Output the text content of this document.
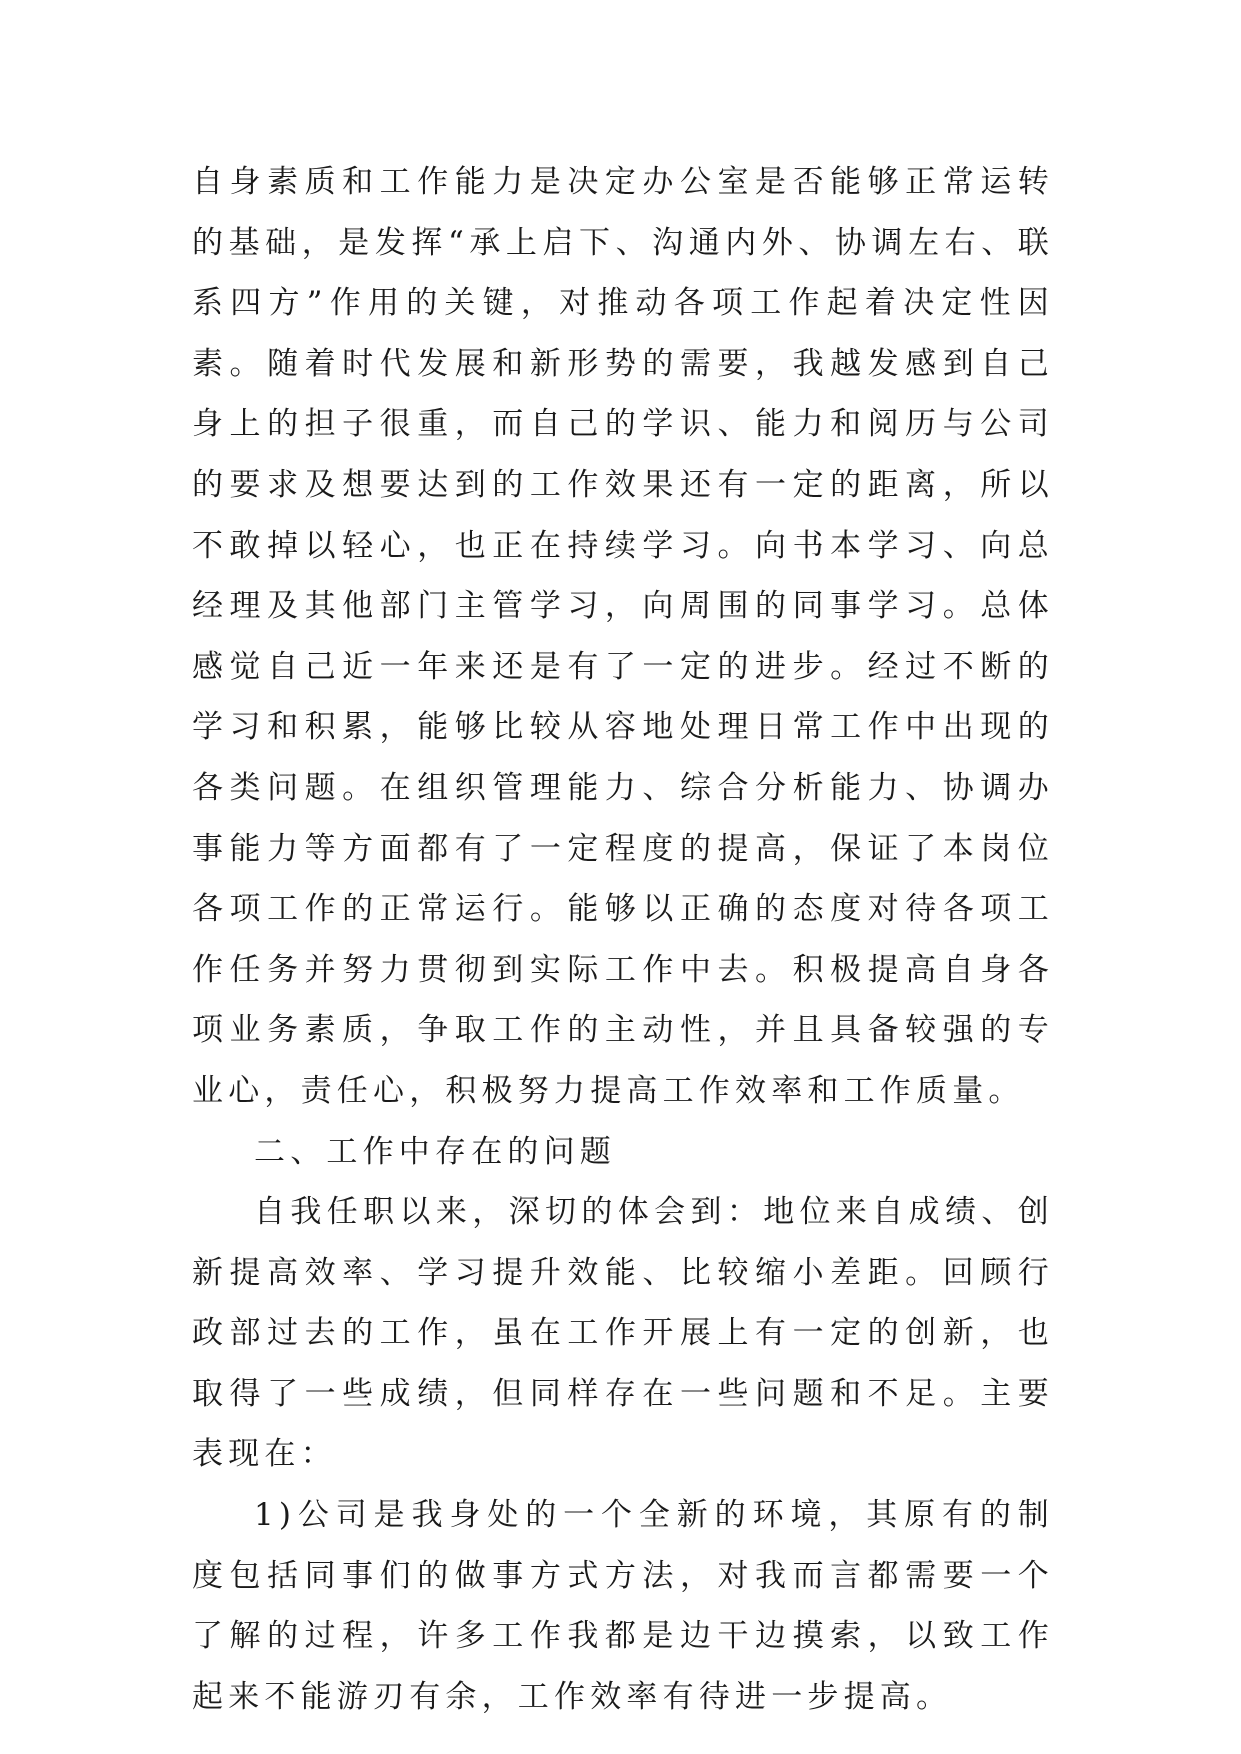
自身素质和工作能力是决定办公室是否能够正常运转的基础，是发挥“承上启下、沟通内外、协调左右、联系四方”作用的关键，对推动各项工作起着决定性因素。随着时代发展和新形势的需要，我越发感到自己身上的担子很重，而自己的学识、能力和阅历与公司的要求及想要达到的工作效果还有一定的距离，所以不敢掉以轻心，也正在持续学习。向书本学习、向总经理及其他部门主管学习，向周围的同事学习。总体感觉自己近一年来还是有了一定的进步。经过不断的学习和积累，能够比较从容地处理日常工作中出现的各类问题。在组织管理能力、综合分析能力、协调办事能力等方面都有了一定程度的提高，保证了本岗位各项工作的正常运行。能够以正确的态度对待各项工作任务并努力贯彻到实际工作中去。积极提高自身各项业务素质，争取工作的主动性，并且具备较强的专业心，责任心，积极努力提高工作效率和工作质量。

二、工作中存在的问题

自我任职以来，深切的体会到：地位来自成绩、创新提高效率、学习提升效能、比较缩小差距。回顾行政部过去的工作，虽在工作开展上有一定的创新，也取得了一些成绩，但同样存在一些问题和不足。主要表现在：

1)公司是我身处的一个全新的环境，其原有的制度包括同事们的做事方式方法，对我而言都需要一个了解的过程，许多工作我都是边干边摸索，以致工作起来不能游刃有余，工作效率有待进一步提高。
